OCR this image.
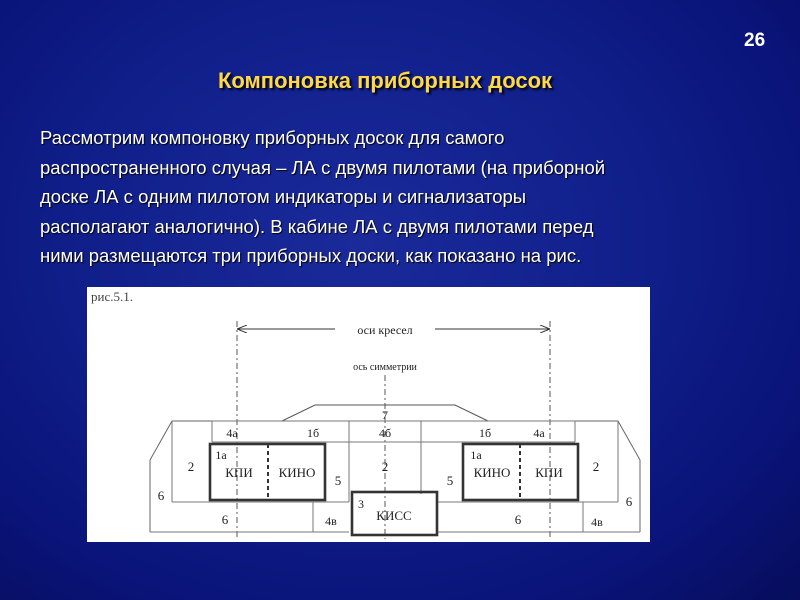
26
Компоновка приборных досок
Рассмотрим компоновку приборных досок для самого
распространенного случая – ЛА с двумя пилотами (на приборной
доске ЛА с одним пилотом индикаторы и сигнализаторы
располагают аналогично). В кабине ЛА с двумя пилотами перед
ними размещаются три приборных доски, как показано на рис.
рис.5.1.
оси кресел
ось симметрии
4а	1б
7
4б	1б	4а
2
1а
КПИ КИНО
5
2
5
1а
КИНО КПИ 2
6	6
6	4в
3
КИСС	6	4в
